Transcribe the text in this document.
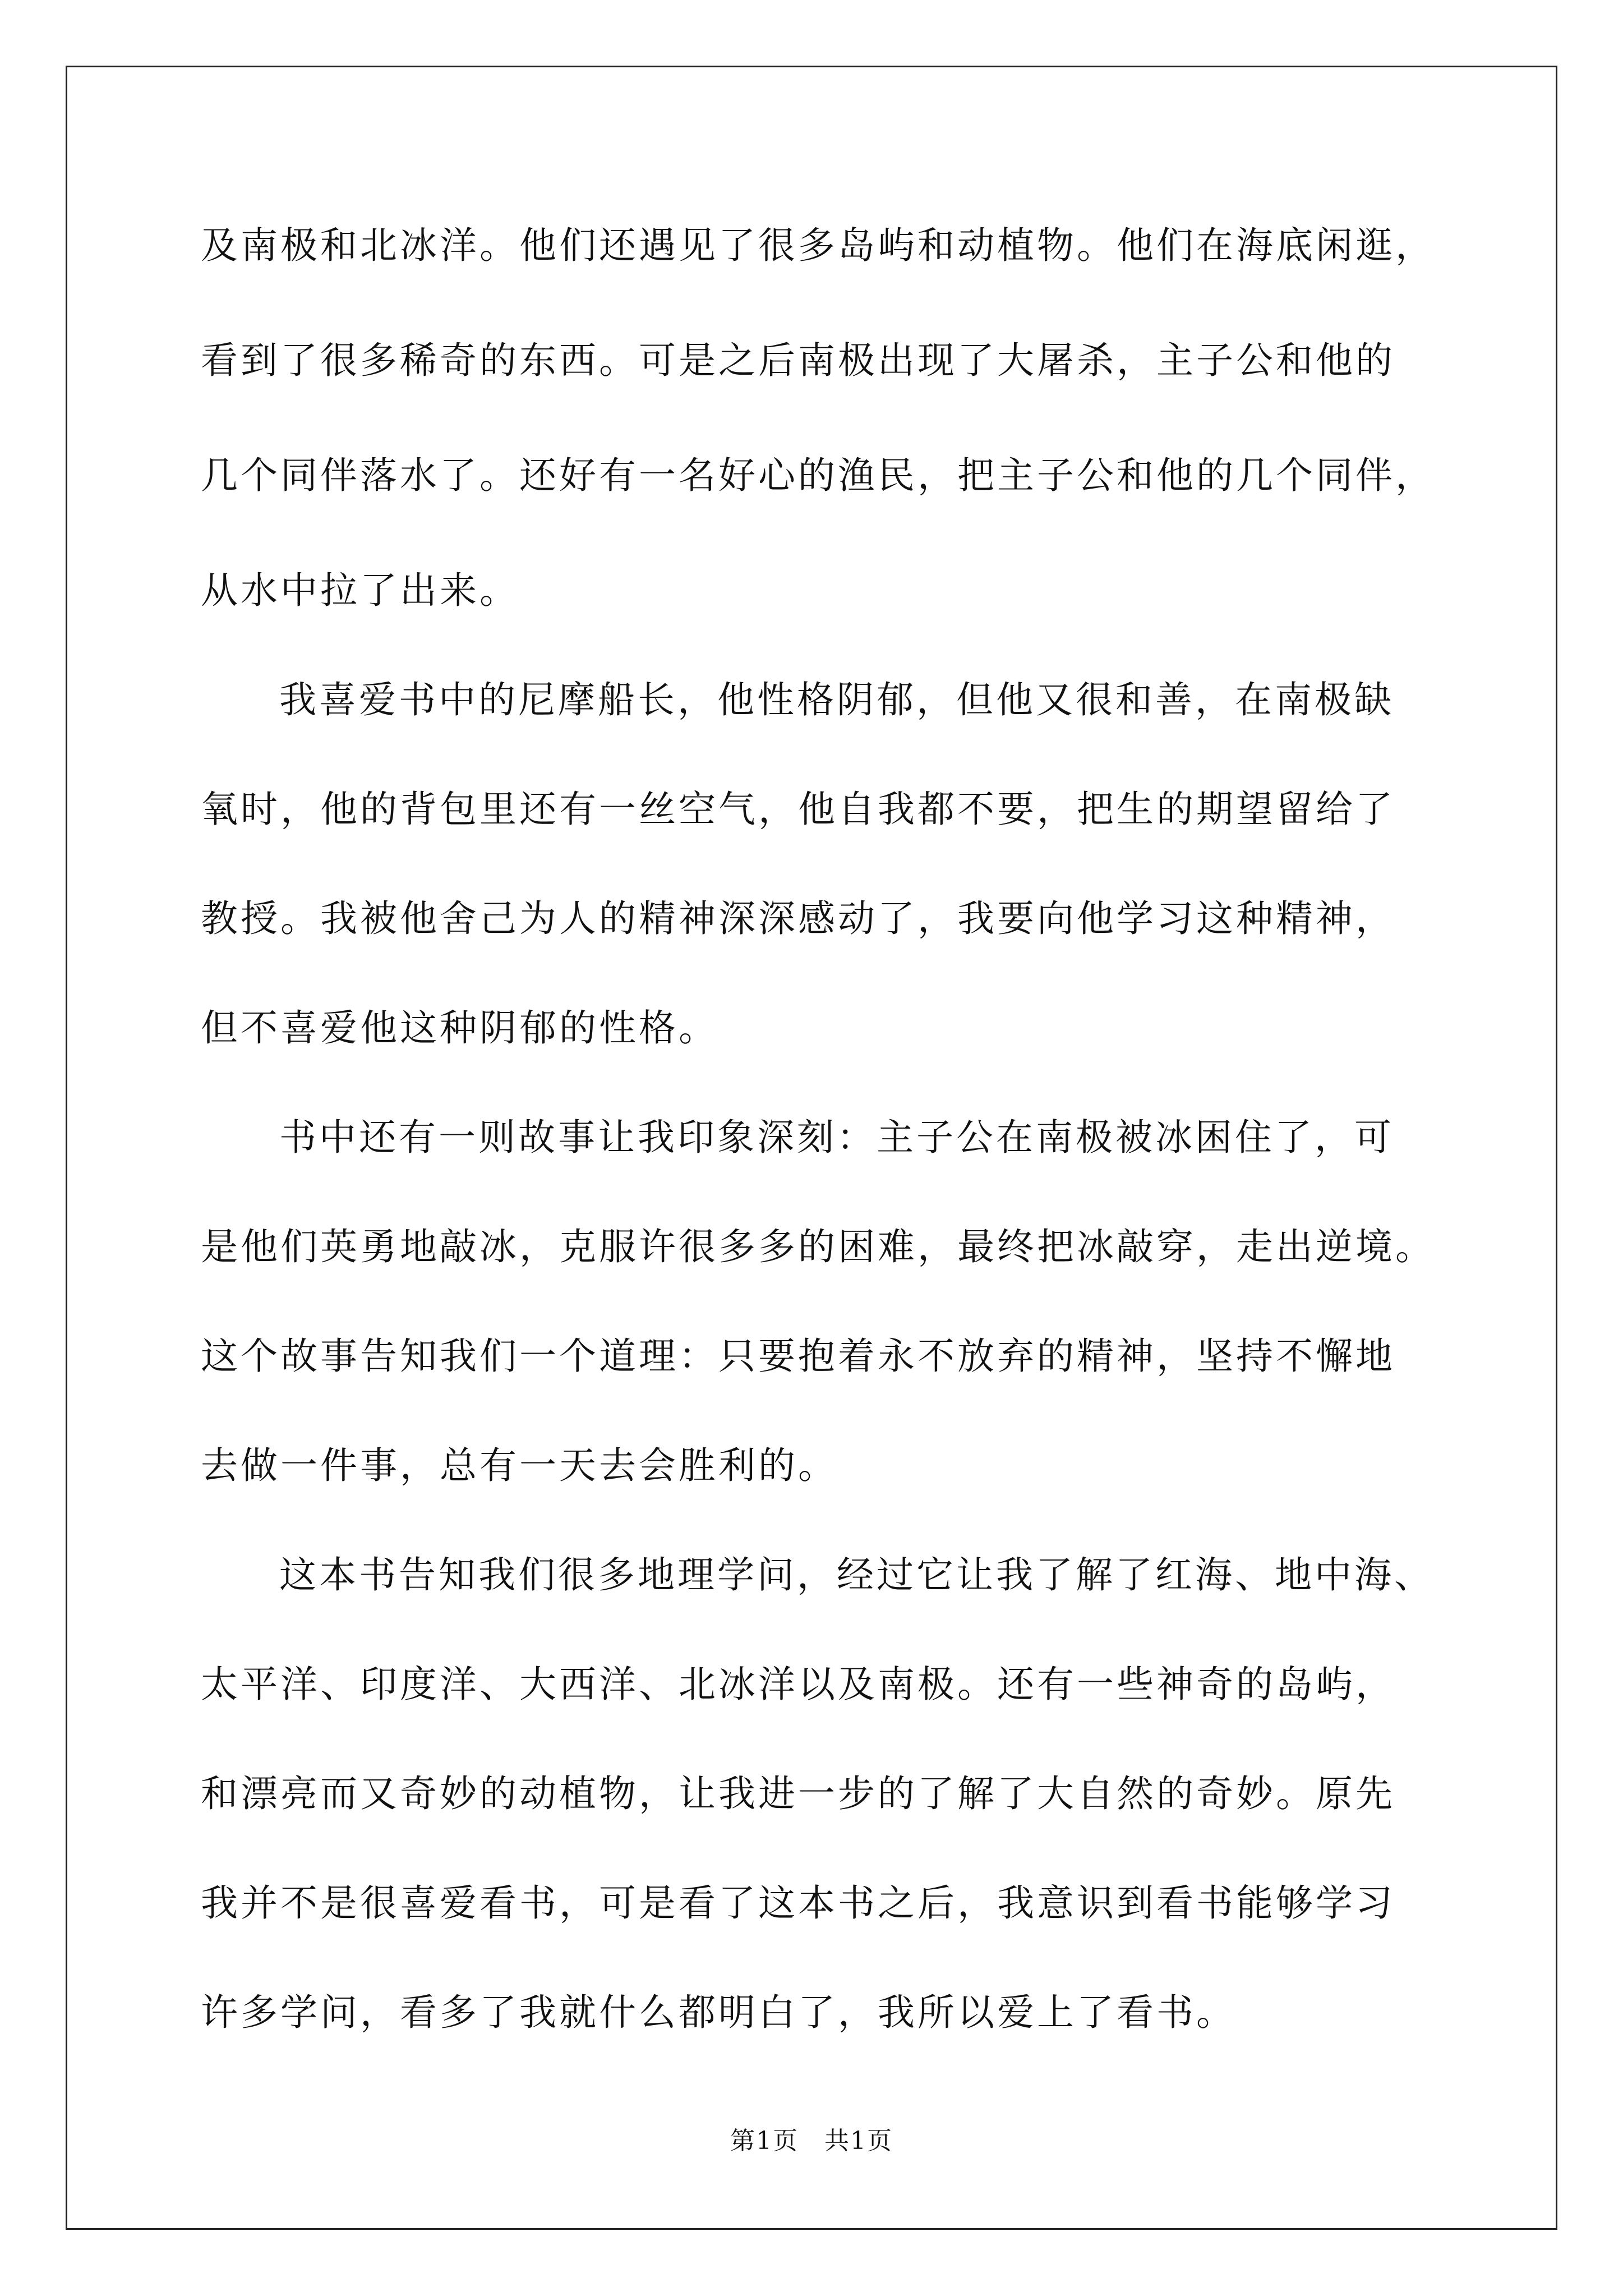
及南极和北冰洋。他们还遇见了很多岛屿和动植物。他们在海底闲逛，
看到了很多稀奇的东西。可是之后南极出现了大屠杀，主子公和他的
几个同伴落水了。还好有一名好心的渔民，把主子公和他的几个同伴，
从水中拉了出来。
我喜爱书中的尼摩船长，他性格阴郁，但他又很和善，在南极缺
氧时，他的背包里还有一丝空气，他自我都不要，把生的期望留给了
教授。我被他舍己为人的精神深深感动了，我要向他学习这种精神，
但不喜爱他这种阴郁的性格。
书中还有一则故事让我印象深刻：主子公在南极被冰困住了，可
是他们英勇地敲冰，克服许很多多的困难，最终把冰敲穿，走出逆境。
这个故事告知我们一个道理：只要抱着永不放弃的精神，坚持不懈地
去做一件事，总有一天去会胜利的。
这本书告知我们很多地理学问，经过它让我了解了红海、地中海、
太平洋、印度洋、大西洋、北冰洋以及南极。还有一些神奇的岛屿，
和漂亮而又奇妙的动植物，让我进一步的了解了大自然的奇妙。原先
我并不是很喜爱看书，可是看了这本书之后，我意识到看书能够学习
许多学问，看多了我就什么都明白了，我所以爱上了看书。
第1页　共1页
